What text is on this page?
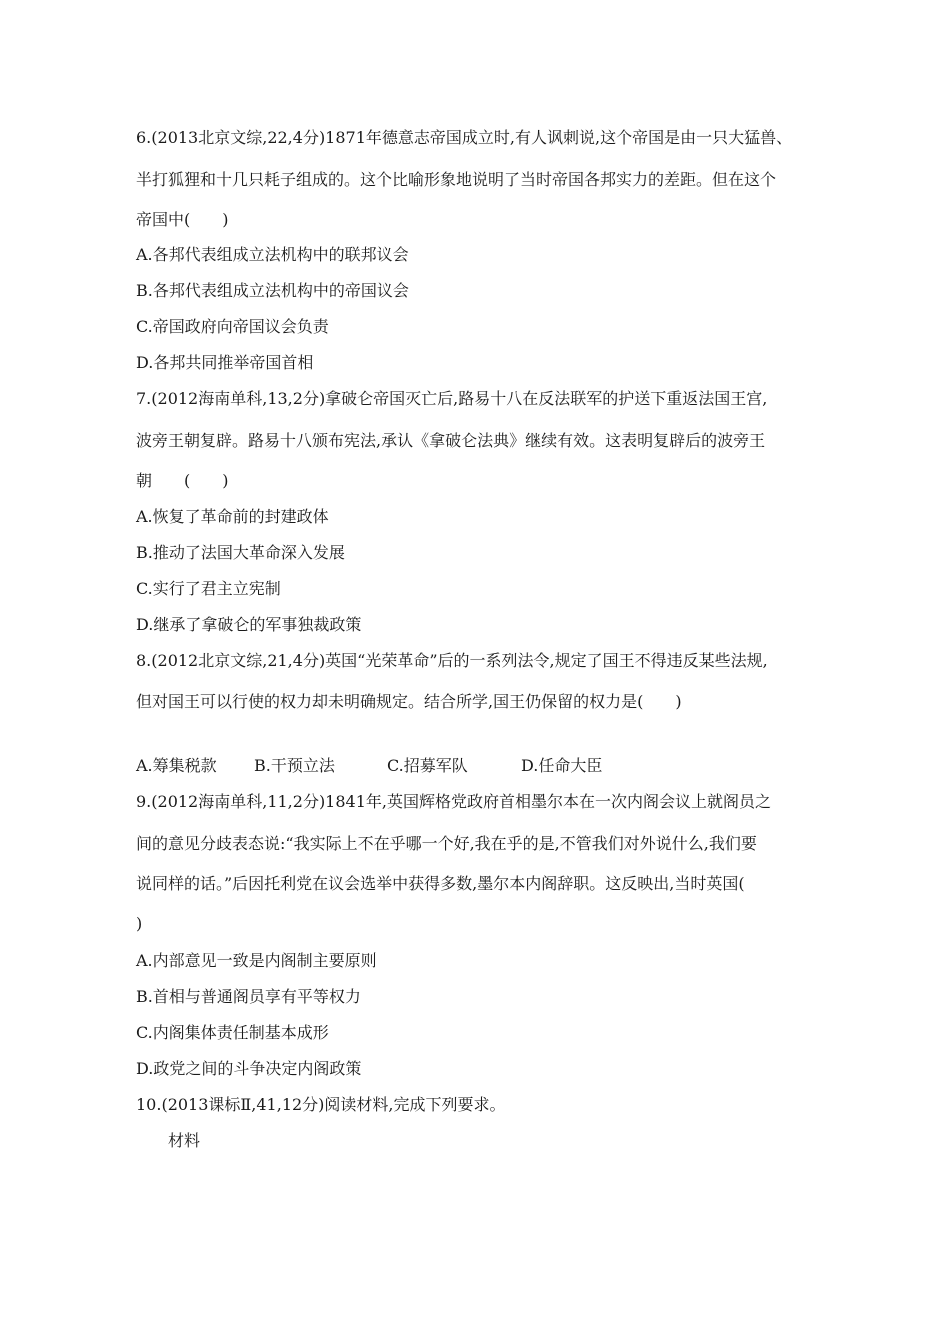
6.(2013北京文综,22,4分)1871年德意志帝国成立时,有人讽刺说,这个帝国是由一只大猛兽、
半打狐狸和十几只耗子组成的。这个比喻形象地说明了当时帝国各邦实力的差距。但在这个
帝国中(　　)
A.各邦代表组成立法机构中的联邦议会
B.各邦代表组成立法机构中的帝国议会
C.帝国政府向帝国议会负责
D.各邦共同推举帝国首相
7.(2012海南单科,13,2分)拿破仑帝国灭亡后,路易十八在反法联军的护送下重返法国王宫,
波旁王朝复辟。路易十八颁布宪法,承认《拿破仑法典》继续有效。这表明复辟后的波旁王
朝　　(　　)
A.恢复了革命前的封建政体
B.推动了法国大革命深入发展
C.实行了君主立宪制
D.继承了拿破仑的军事独裁政策
8.(2012北京文综,21,4分)英国“光荣革命”后的一系列法令,规定了国王不得违反某些法规,
但对国王可以行使的权力却未明确规定。结合所学,国王仍保留的权力是(　　)
A.筹集税款 B.干预立法	C.招募军队	D.任命大臣
9.(2012海南单科,11,2分)1841年,英国辉格党政府首相墨尔本在一次内阁会议上就阁员之
间的意见分歧表态说:“我实际上不在乎哪一个好,我在乎的是,不管我们对外说什么,我们要
说同样的话。”后因托利党在议会选举中获得多数,墨尔本内阁辞职。这反映出,当时英国(
)
A.内部意见一致是内阁制主要原则
B.首相与普通阁员享有平等权力
C.内阁集体责任制基本成形
D.政党之间的斗争决定内阁政策
10.(2013课标Ⅱ,41,12分)阅读材料,完成下列要求。
材料
